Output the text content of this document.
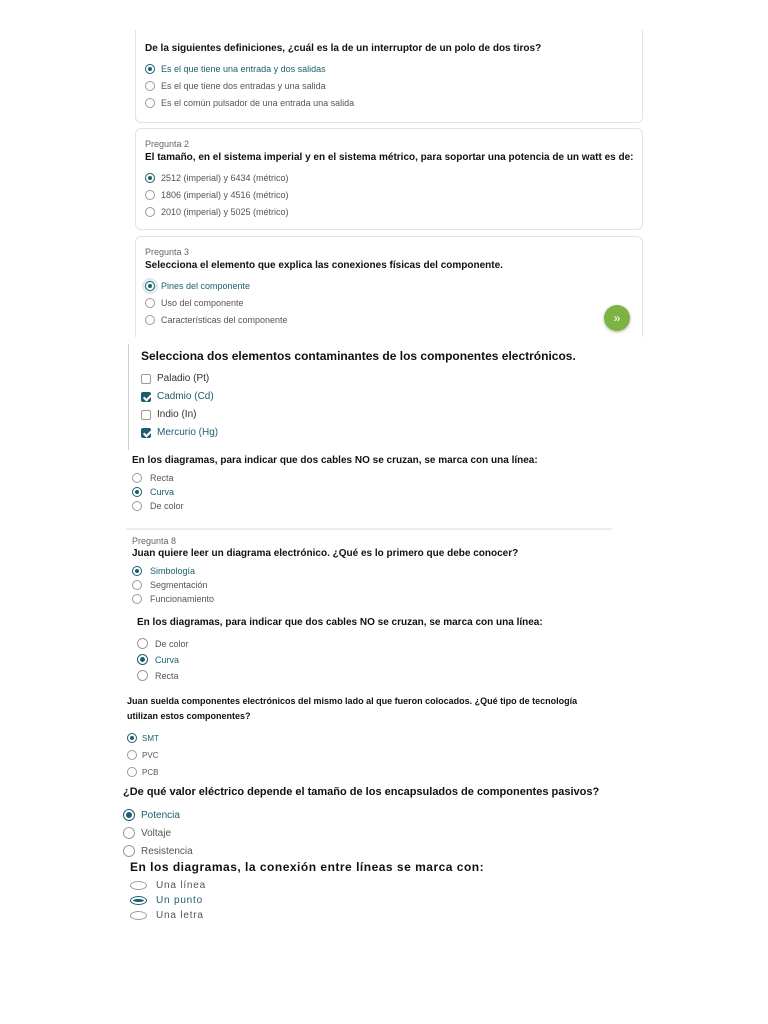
De la siguientes definiciones, ¿cuál es la de un interruptor de un polo de dos tiros?
Es el que tiene una entrada y dos salidas
Es el que tiene dos entradas y una salida
Es el común pulsador de una entrada una salida
Pregunta 2
El tamaño, en el sistema imperial y en el sistema métrico, para soportar una potencia de un watt es de:
2512 (imperial) y 6434 (métrico)
1806 (imperial) y 4516 (métrico)
2010 (imperial) y 5025 (métrico)
Pregunta 3
Selecciona el elemento que explica las conexiones físicas del componente.
Pines del componente
Uso del componente
Características del componente	»
Selecciona dos elementos contaminantes de los componentes electrónicos.
Paladio (Pt)
Cadmio (Cd)
Indio (In)
Mercurio (Hg)
En los diagramas, para indicar que dos cables NO se cruzan, se marca con una línea:
Recta
Curva
De color
Pregunta 8
Juan quiere leer un diagrama electrónico. ¿Qué es lo primero que debe conocer?
Simbología
Segmentación
Funcionamiento
En los diagramas, para indicar que dos cables NO se cruzan, se marca con una línea:
De color
Curva
Recta
Juan suelda componentes electrónicos del mismo lado al que fueron colocados. ¿Qué tipo de tecnología
utilizan estos componentes?
SMT
PVC
PCB
¿De qué valor eléctrico depende el tamaño de los encapsulados de componentes pasivos?
Potencia
Voltaje
Resistencia
En los diagramas, la conexión entre líneas se marca con:
Una línea
Un punto
Una letra
